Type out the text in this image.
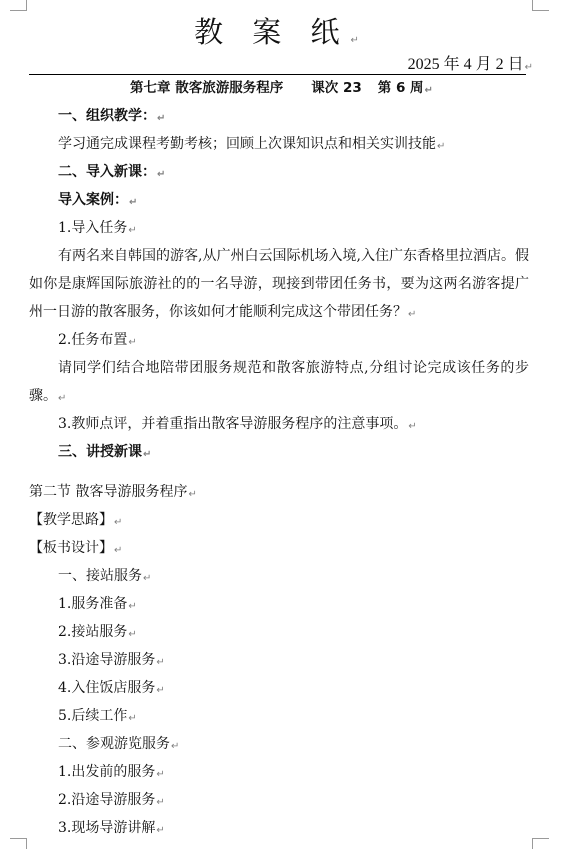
教 案 纸↵
2025 年 4 月 2 日↵
第七章 散客旅游服务程序 课次 23 第 6 周↵
一、组织教学：↵
学习通完成课程考勤考核；回顾上次课知识点和相关实训技能↵
二、导入新课：↵
导入案例：↵
1.导入任务↵
有两名来自韩国的游客,从广州白云国际机场入境,入住广东香格里拉酒店。假如你是康辉国际旅游社的的一名导游，现接到带团任务书，要为这两名游客提广州一日游的散客服务，你该如何才能顺利完成这个带团任务？↵
2.任务布置↵
请同学们结合地陪带团服务规范和散客旅游特点,分组讨论完成该任务的步骤。↵
3.教师点评，并着重指出散客导游服务程序的注意事项。↵
三、讲授新课↵
第二节 散客导游服务程序↵
【教学思路】↵
【板书设计】↵
一、接站服务↵
1.服务准备↵
2.接站服务↵
3.沿途导游服务↵
4.入住饭店服务↵
5.后续工作↵
二、参观游览服务↵
1.出发前的服务↵
2.沿途导游服务↵
3.现场导游讲解↵
